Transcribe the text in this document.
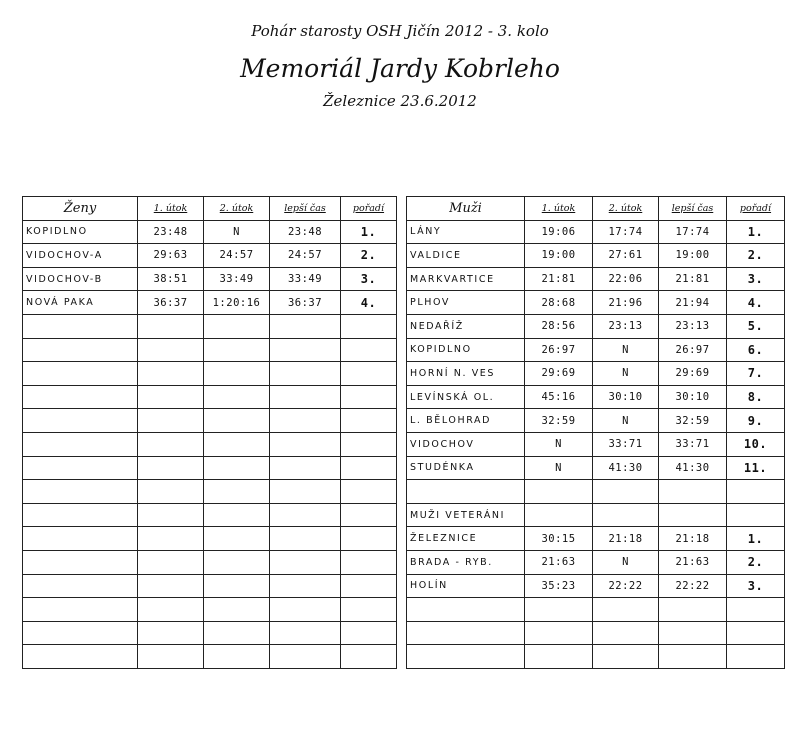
Pohár starosty OSH Jičín 2012 - 3. kolo
Memoriál Jardy Kobrleho
Železnice 23.6.2012
Ženy	1. útok	2. útok	lepší čas	pořadí
KOPIDLNO	23:48	N	23:48	1.
VIDOCHOV-A	29:63	24:57	24:57	2.
VIDOCHOV-B	38:51	33:49	33:49	3.
NOVÁ PAKA	36:37	1:20:16	36:37	4.

Muži	1. útok	2. útok	lepší čas	pořadí
LÁNY	19:06	17:74	17:74	1.
VALDICE	19:00	27:61	19:00	2.
MARKVARTICE	21:81	22:06	21:81	3.
PLHOV	28:68	21:96	21:94	4.
NEDAŘÍŽ	28:56	23:13	23:13	5.
KOPIDLNO	26:97	N	26:97	6.
HORNÍ N. VES	29:69	N	29:69	7.
LEVÍNSKÁ OL.	45:16	30:10	30:10	8.
L. BĚLOHRAD	32:59	N	32:59	9.
VIDOCHOV	N	33:71	33:71	10.
STUDÉNKA	N	41:30	41:30	11.

MUŽI VETERÁNI				
ŽELEZNICE	30:15	21:18	21:18	1.
BRADA - RYB.	21:63	N	21:63	2.
HOLÍN	35:23	22:22	22:22	3.
